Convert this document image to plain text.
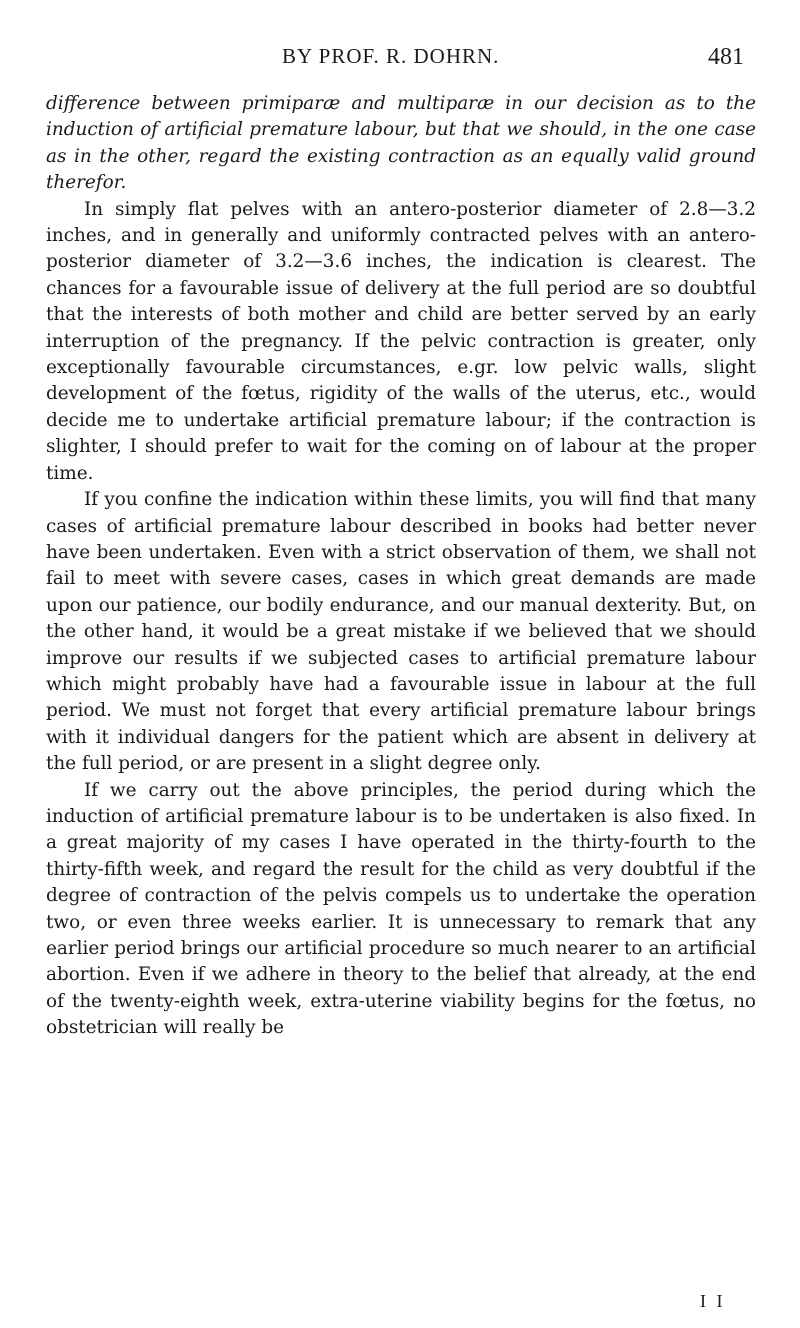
BY PROF. R. DOHRN.	481

difference between primiparæ and multiparæ in our decision as to the induction of artificial premature labour, but that we should, in the one case as in the other, regard the existing contraction as an equally valid ground therefor.

In simply flat pelves with an antero-posterior diameter of 2.8—3.2 inches, and in generally and uniformly contracted pelves with an antero-posterior diameter of 3.2—3.6 inches, the indication is clearest. The chances for a favourable issue of delivery at the full period are so doubtful that the interests of both mother and child are better served by an early interruption of the pregnancy. If the pelvic contraction is greater, only exceptionally favourable circumstances, e.gr. low pelvic walls, slight development of the fœtus, rigidity of the walls of the uterus, etc., would decide me to undertake artificial premature labour; if the contraction is slighter, I should prefer to wait for the coming on of labour at the proper time.

If you confine the indication within these limits, you will find that many cases of artificial premature labour described in books had better never have been undertaken. Even with a strict observation of them, we shall not fail to meet with severe cases, cases in which great demands are made upon our patience, our bodily endurance, and our manual dexterity. But, on the other hand, it would be a great mistake if we believed that we should improve our results if we subjected cases to artificial premature labour which might probably have had a favourable issue in labour at the full period. We must not forget that every artificial premature labour brings with it individual dangers for the patient which are absent in delivery at the full period, or are present in a slight degree only.

If we carry out the above principles, the period during which the induction of artificial premature labour is to be undertaken is also fixed. In a great majority of my cases I have operated in the thirty-fourth to the thirty-fifth week, and regard the result for the child as very doubtful if the degree of contraction of the pelvis compels us to undertake the operation two, or even three weeks earlier. It is unnecessary to remark that any earlier period brings our artificial procedure so much nearer to an artificial abortion. Even if we adhere in theory to the belief that already, at the end of the twenty-eighth week, extra-uterine viability begins for the fœtus, no obstetrician will really be

I I
